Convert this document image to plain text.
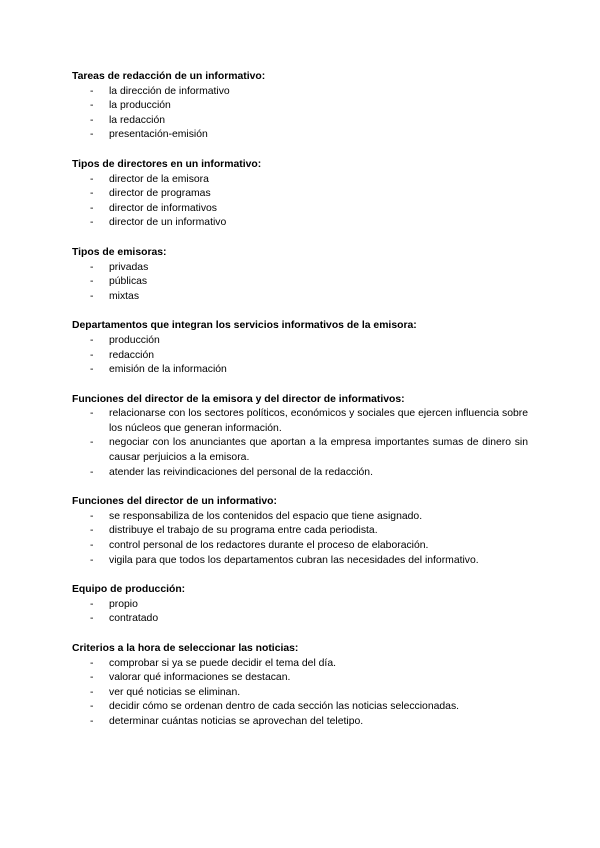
Tareas de redacción de un informativo:
- la dirección de informativo
- la producción
- la redacción
- presentación-emisión
Tipos de directores en un informativo:
- director de la emisora
- director de programas
- director de informativos
- director de un informativo
Tipos de emisoras:
- privadas
- públicas
- mixtas
Departamentos que integran los servicios informativos de la emisora:
- producción
- redacción
- emisión de la información
Funciones del director de la emisora y del director de informativos:
- relacionarse con los sectores políticos, económicos y sociales que ejercen influencia sobre los núcleos que generan información.
- negociar con los anunciantes que aportan a la empresa importantes sumas de dinero sin causar perjuicios a la emisora.
- atender las reivindicaciones del personal de la redacción.
Funciones del director de un informativo:
- se responsabiliza de los contenidos del espacio que tiene asignado.
- distribuye el trabajo de su programa entre cada periodista.
- control personal de los redactores durante el proceso de elaboración.
- vigila para que todos los departamentos cubran las necesidades del informativo.
Equipo de producción:
- propio
- contratado
Criterios a la hora de seleccionar las noticias:
- comprobar si ya se puede decidir el tema del día.
- valorar qué informaciones se destacan.
- ver qué noticias se eliminan.
- decidir cómo se ordenan dentro de cada sección las noticias seleccionadas.
- determinar cuántas noticias se aprovechan del teletipo.
